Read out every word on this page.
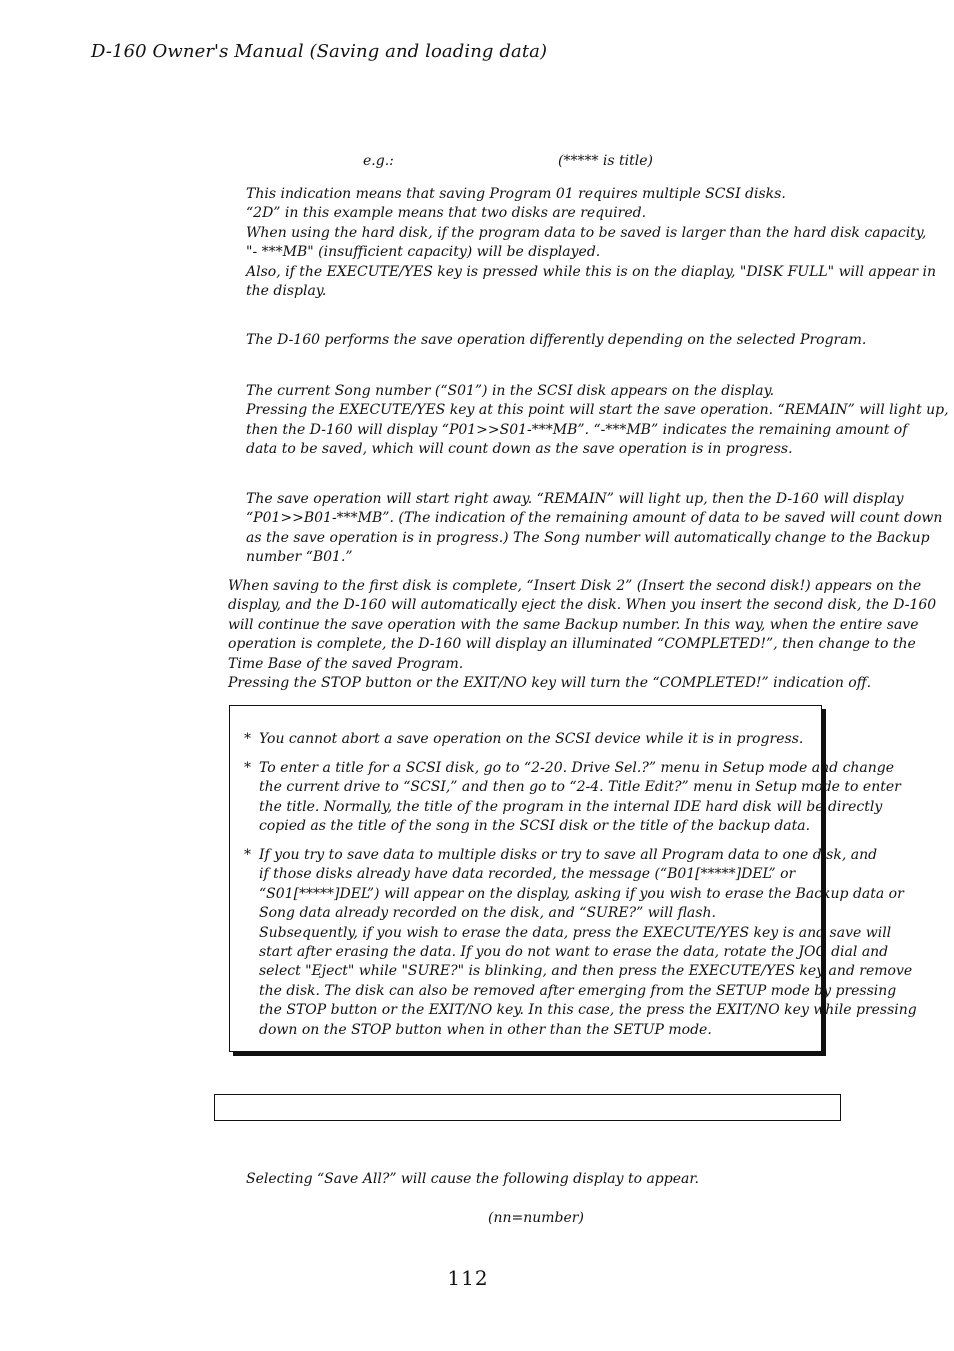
D-160 Owner's Manual (Saving and loading data)
e.g.:	(***** is title)
This indication means that saving Program 01 requires multiple SCSI disks.
“2D” in this example means that two disks are required.
When using the hard disk, if the program data to be saved is larger than the hard disk capacity,
"- ***MB" (insufficient capacity) will be displayed.
Also, if the EXECUTE/YES key is pressed while this is on the diaplay, "DISK FULL" will appear in
the display.
The D-160 performs the save operation differently depending on the selected Program.
The current Song number (“S01”) in the SCSI disk appears on the display.
Pressing the EXECUTE/YES key at this point will start the save operation. “REMAIN” will light up,
then the D-160 will display “P01>>S01-***MB”. “-***MB” indicates the remaining amount of
data to be saved, which will count down as the save operation is in progress.
The save operation will start right away. “REMAIN” will light up, then the D-160 will display
“P01>>B01-***MB”. (The indication of the remaining amount of data to be saved will count down
as the save operation is in progress.) The Song number will automatically change to the Backup
number “B01.”
When saving to the first disk is complete, “Insert Disk 2” (Insert the second disk!) appears on the
display, and the D-160 will automatically eject the disk. When you insert the second disk, the D-160
will continue the save operation with the same Backup number. In this way, when the entire save
operation is complete, the D-160 will display an illuminated “COMPLETED!”, then change to the
Time Base of the saved Program.
Pressing the STOP button or the EXIT/NO key will turn the “COMPLETED!” indication off.
* You cannot abort a save operation on the SCSI device while it is in progress.
* To enter a title for a SCSI disk, go to “2-20. Drive Sel.?” menu in Setup mode and change
the current drive to “SCSI,” and then go to “2-4. Title Edit?” menu in Setup mode to enter
the title. Normally, the title of the program in the internal IDE hard disk will be directly
copied as the title of the song in the SCSI disk or the title of the backup data.
* If you try to save data to multiple disks or try to save all Program data to one disk, and
if those disks already have data recorded, the message (“B01[*****]DEL” or
“S01[*****]DEL”) will appear on the display, asking if you wish to erase the Backup data or
Song data already recorded on the disk, and “SURE?” will flash.
Subsequently, if you wish to erase the data, press the EXECUTE/YES key is and save will
start after erasing the data. If you do not want to erase the data, rotate the JOG dial and
select "Eject" while "SURE?" is blinking, and then press the EXECUTE/YES key and remove
the disk. The disk can also be removed after emerging from the SETUP mode by pressing
the STOP button or the EXIT/NO key. In this case, the press the EXIT/NO key while pressing
down on the STOP button when in other than the SETUP mode.
Selecting “Save All?” will cause the following display to appear.
(nn=number)
112
